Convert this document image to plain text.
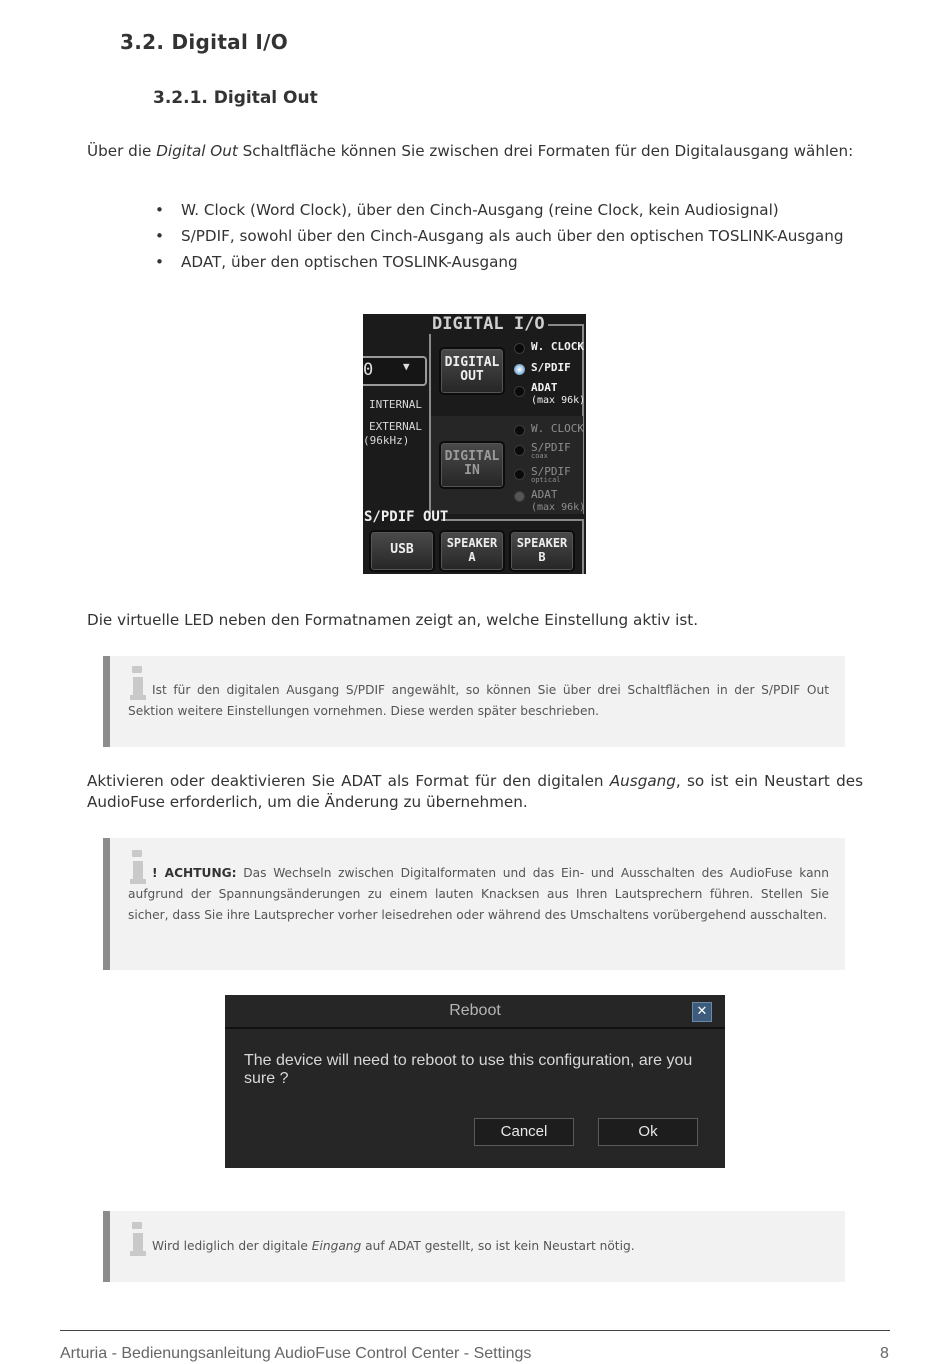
3.2. Digital I/O
3.2.1. Digital Out
Über die Digital Out Schaltfläche können Sie zwischen drei Formaten für den Digitalausgang wählen:
• W. Clock (Word Clock), über den Cinch-Ausgang (reine Clock, kein Audiosignal)
• S/PDIF, sowohl über den Cinch-Ausgang als auch über den optischen TOSLINK-Ausgang
• ADAT, über den optischen TOSLINK-Ausgang
DIGITAL I/O
0	▼
INTERNAL
EXTERNAL
(96kHz)
DIGITAL
OUT
DIGITAL
IN
W. CLOCK
S/PDIF
ADAT
(max 96k)
W. CLOCK
S/PDIF
coax
S/PDIF
optical
ADAT
(max 96k)
S/PDIF OUT
USB	SPEAKER
A
SPEAKER
B
Die virtuelle LED neben den Formatnamen zeigt an, welche Einstellung aktiv ist.
Ist für den digitalen Ausgang S/PDIF angewählt, so können Sie über drei Schaltflächen in der S/PDIF Out Sektion weitere Einstellungen vornehmen. Diese werden später beschrieben.
Aktivieren oder deaktivieren Sie ADAT als Format für den digitalen Ausgang, so ist ein Neustart des AudioFuse erforderlich, um die Änderung zu übernehmen.
! ACHTUNG: Das Wechseln zwischen Digitalformaten und das Ein- und Ausschalten des AudioFuse kann aufgrund der Spannungsänderungen zu einem lauten Knacksen aus Ihren Lautsprechern führen. Stellen Sie sicher, dass Sie ihre Lautsprecher vorher leisedrehen oder während des Umschaltens vorübergehend ausschalten.
Reboot	✕
The device will need to reboot to use this configuration, are you sure ?
Cancel	Ok
Wird lediglich der digitale Eingang auf ADAT gestellt, so ist kein Neustart nötig.
Arturia - Bedienungsanleitung AudioFuse Control Center - Settings	8
